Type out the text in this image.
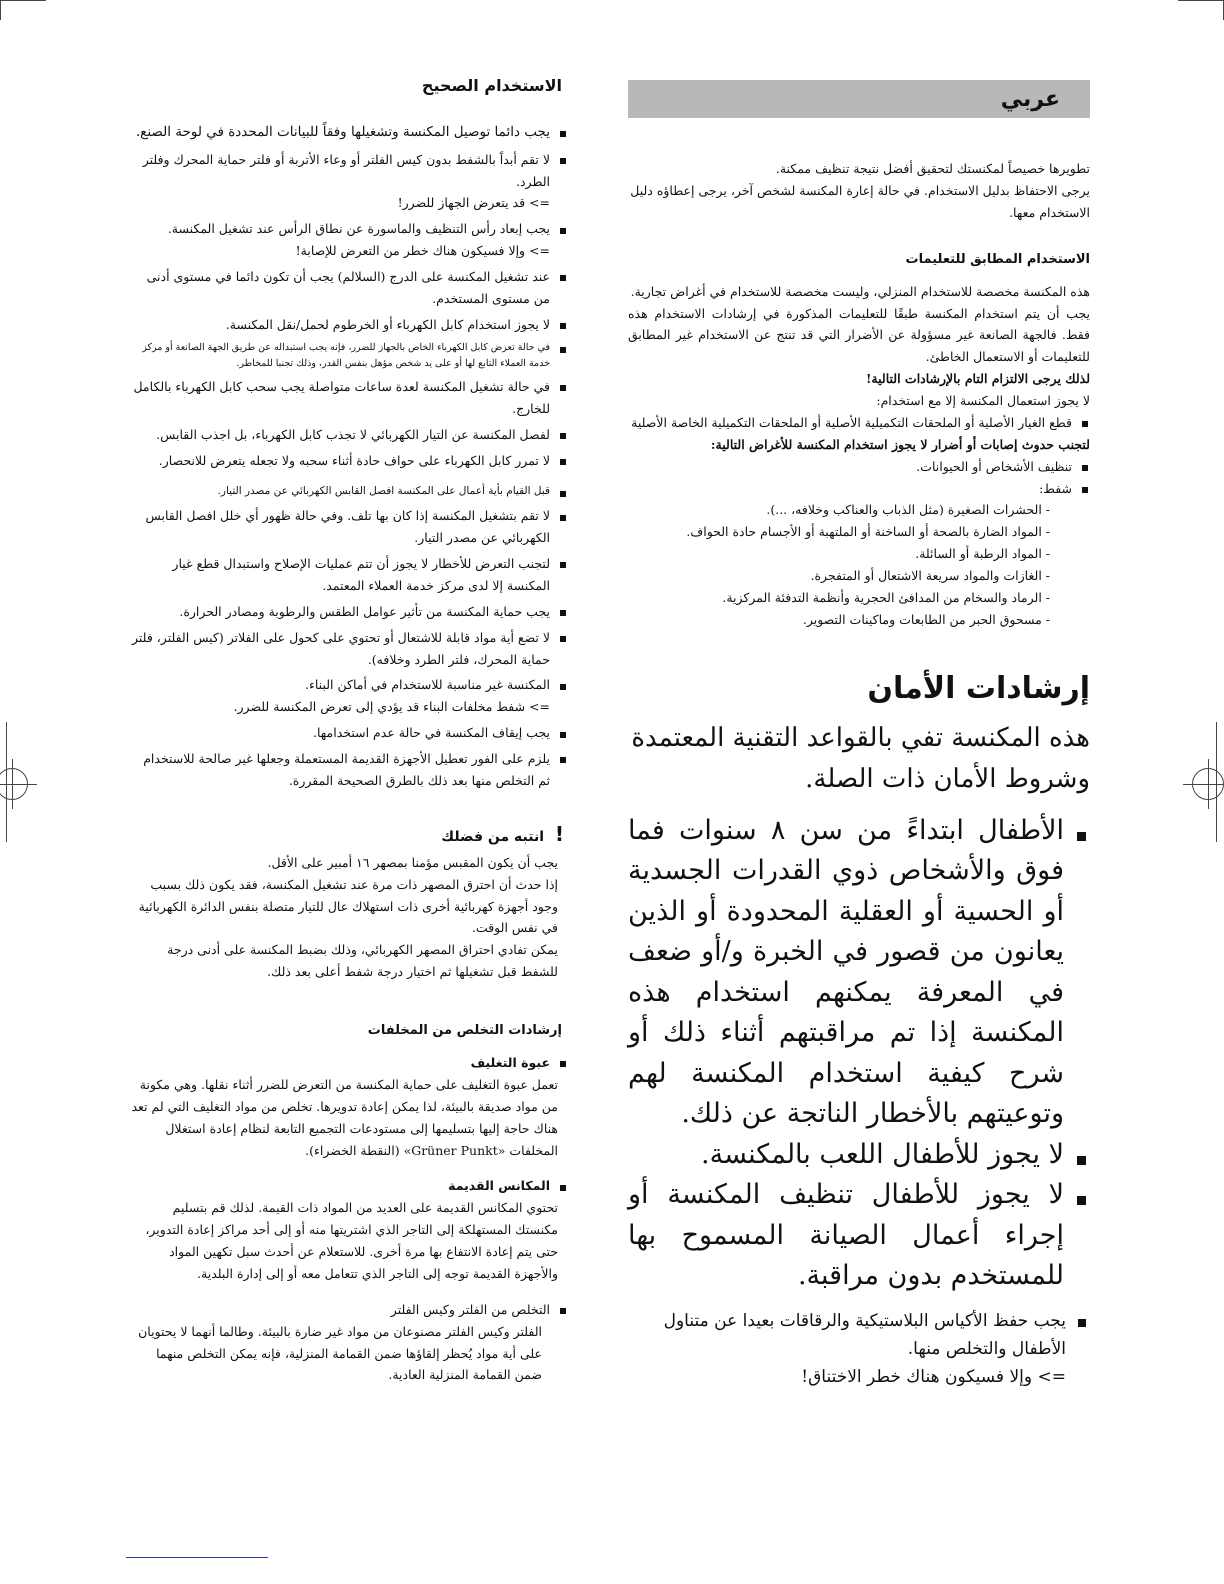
عربي
تطويرها خصيصاً لمكنستك لتحقيق أفضل نتيجة تنظيف ممكنة.
يرجى الاحتفاظ بدليل الاستخدام. في حالة إعارة المكنسة لشخص آخر، يرجى إعطاؤه دليل الاستخدام معها.
الاستخدام المطابق للتعليمات
هذه المكنسة مخصصة للاستخدام المنزلي، وليست مخصصة للاستخدام في أغراض تجارية.
يجب أن يتم استخدام المكنسة طبقًا للتعليمات المذكورة في إرشادات الاستخدام هذه فقط. فالجهة الصانعة غير مسؤولة عن الأضرار التي قد تنتج عن الاستخدام غير المطابق للتعليمات أو الاستعمال الخاطئ.
لذلك يرجى الالتزام التام بالإرشادات التالية!
لا يجوز استعمال المكنسة إلا مع استخدام:
قطع الغيار الأصلية أو الملحقات التكميلية الأصلية أو الملحقات التكميلية الخاصة الأصلية
لتجنب حدوث إصابات أو أضرار لا يجوز استخدام المكنسة للأغراض التالية:
تنظيف الأشخاص أو الحيوانات.
شفط:
- الحشرات الصغيرة (مثل الذباب والعناكب وخلافه، ...).
- المواد الضارة بالصحة أو الساخنة أو الملتهبة أو الأجسام حادة الحواف.
- المواد الرطبة أو السائلة.
- الغازات والمواد سريعة الاشتعال أو المتفجرة.
- الرماد والسخام من المدافئ الحجرية وأنظمة التدفئة المركزية.
- مسحوق الحبر من الطابعات وماكينات التصوير.
إرشادات الأمان
هذه المكنسة تفي بالقواعد التقنية المعتمدة وشروط الأمان ذات الصلة.
الأطفال ابتداءً من سن ٨ سنوات فما فوق والأشخاص ذوي القدرات الجسدية أو الحسية أو العقلية المحدودة أو الذين يعانون من قصور في الخبرة و/أو ضعف في المعرفة يمكنهم استخدام هذه المكنسة إذا تم مراقبتهم أثناء ذلك أو شرح كيفية استخدام المكنسة لهم وتوعيتهم بالأخطار الناتجة عن ذلك.
لا يجوز للأطفال اللعب بالمكنسة.
لا يجوز للأطفال تنظيف المكنسة أو إجراء أعمال الصيانة المسموح بها للمستخدم بدون مراقبة.
يجب حفظ الأكياس البلاستيكية والرقاقات بعيدا عن متناول الأطفال والتخلص منها.
=> وإلا فسيكون هناك خطر الاختناق!
الاستخدام الصحيح
يجب دائما توصيل المكنسة وتشغيلها وفقاً للبيانات المحددة في لوحة الصنع.
لا تقم أبداً بالشفط بدون كيس الفلتر أو وعاء الأتربة أو فلتر حماية المحرك وفلتر الطرد.
=> قد يتعرض الجهاز للضرر!
يجب إبعاد رأس التنظيف والماسورة عن نطاق الرأس عند تشغيل المكنسة.
=> وإلا فسيكون هناك خطر من التعرض للإصابة!
عند تشغيل المكنسة على الدرج (السلالم) يجب أن تكون دائما في مستوى أدنى من مستوى المستخدم.
لا يجوز استخدام كابل الكهرباء أو الخرطوم لحمل/نقل المكنسة.
في حالة تعرض كابل الكهرباء الخاص بالجهاز للضرر، فإنه يجب استبداله عن طريق الجهة الصانعة أو مركز خدمة العملاء التابع لها أو على يد شخص مؤهل بنفس القدر، وذلك تجنبا للمخاطر.
في حالة تشغيل المكنسة لعدة ساعات متواصلة يجب سحب كابل الكهرباء بالكامل للخارج.
لفصل المكنسة عن التيار الكهربائي لا تجذب كابل الكهرباء، بل اجذب القابس.
لا تمرر كابل الكهرباء على حواف حادة أثناء سحبه ولا تجعله يتعرض للانحصار.
قبل القيام بأية أعمال على المكنسة افصل القابس الكهربائي عن مصدر التيار.
لا تقم بتشغيل المكنسة إذا كان بها تلف. وفي حالة ظهور أي خلل افصل القابس الكهربائي عن مصدر التيار.
لتجنب التعرض للأخطار لا يجوز أن تتم عمليات الإصلاح واستبدال قطع غيار المكنسة إلا لدى مركز خدمة العملاء المعتمد.
يجب حماية المكنسة من تأثير عوامل الطقس والرطوبة ومصادر الحرارة.
لا تضع أية مواد قابلة للاشتعال أو تحتوي على كحول على الفلاتر (كيس الفلتر، فلتر حماية المحرك، فلتر الطرد وخلافه).
المكنسة غير مناسبة للاستخدام في أماكن البناء.
=> شفط مخلفات البناء قد يؤدي إلى تعرض المكنسة للضرر.
يجب إيقاف المكنسة في حالة عدم استخدامها.
يلزم على الفور تعطيل الأجهزة القديمة المستعملة وجعلها غير صالحة للاستخدام ثم التخلص منها بعد ذلك بالطرق الصحيحة المقررة.
! انتبه من فضلك
يجب أن يكون المقبس مؤمنا بمصهر ١٦ أمبير على الأقل.
إذا حدث أن احترق المصهر ذات مرة عند تشغيل المكنسة، فقد يكون ذلك بسبب وجود أجهزة كهربائية أخرى ذات استهلاك عال للتيار متصلة بنفس الدائرة الكهربائية في نفس الوقت.
يمكن تفادي احتراق المصهر الكهربائي، وذلك بضبط المكنسة على أدنى درجة للشفط قبل تشغيلها ثم اختيار درجة شفط أعلى بعد ذلك.
إرشادات التخلص من المخلفات
عبوة التغليف
تعمل عبوة التغليف على حماية المكنسة من التعرض للضرر أثناء نقلها. وهي مكونة من مواد صديقة بالبيئة، لذا يمكن إعادة تدويرها. تخلص من مواد التغليف التي لم تعد هناك حاجة إليها بتسليمها إلى مستودعات التجميع التابعة لنظام إعادة استغلال المخلفات «Grüner Punkt» (النقطة الخضراء).
المكانس القديمة
تحتوي المكانس القديمة على العديد من المواد ذات القيمة. لذلك قم بتسليم مكنستك المستهلكة إلى التاجر الذي اشتريتها منه أو إلى أحد مراكز إعادة التدوير، حتى يتم إعادة الانتفاع بها مرة أخرى. للاستعلام عن أحدث سبل تكهين المواد والأجهزة القديمة توجه إلى التاجر الذي تتعامل معه أو إلى إدارة البلدية.
التخلص من الفلتر وكيس الفلتر
الفلتر وكيس الفلتر مصنوعان من مواد غير ضارة بالبيئة. وطالما أنهما لا يحتويان على أية مواد يُحظر إلقاؤها ضمن القمامة المنزلية، فإنه يمكن التخلص منهما ضمن القمامة المنزلية العادية.
